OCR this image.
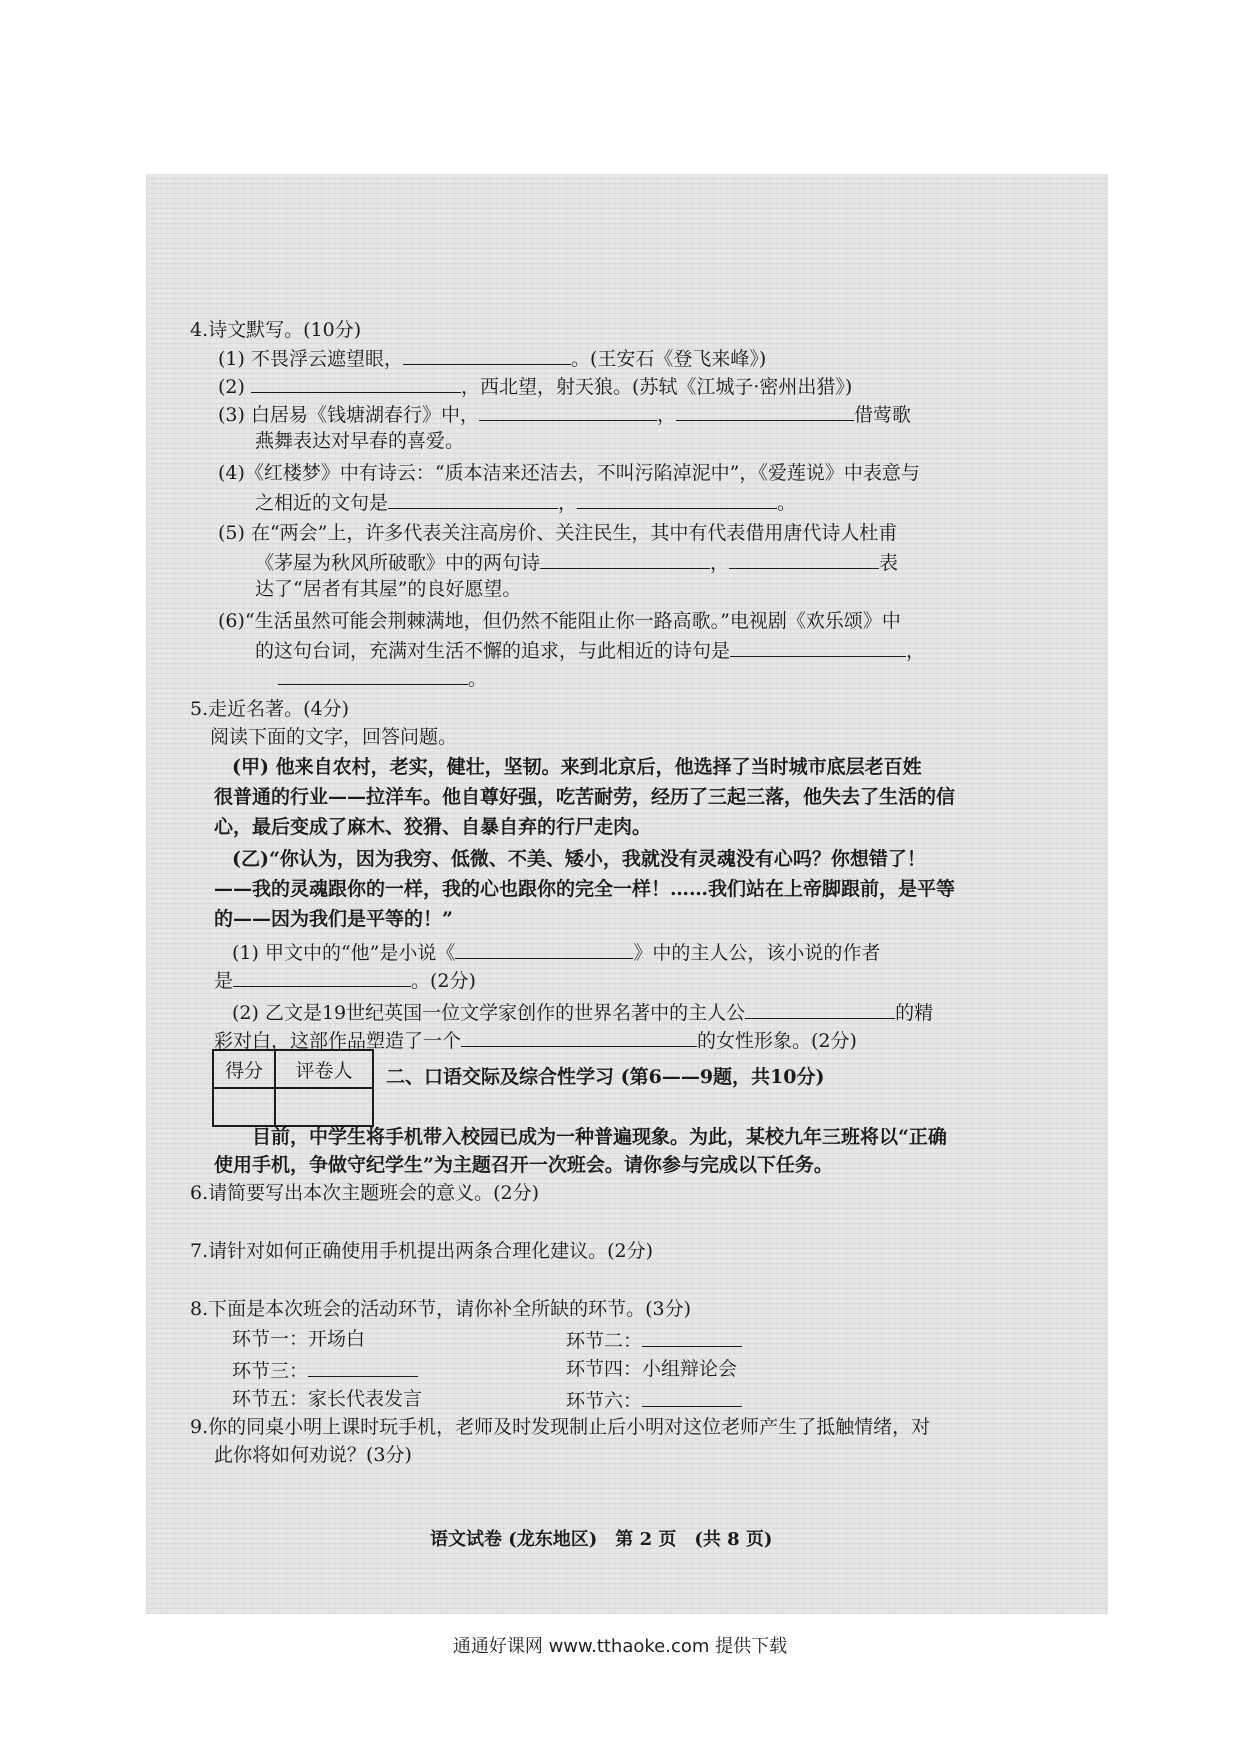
4.诗文默写。(10分)
(1) 不畏浮云遮望眼，	。(王安石《登飞来峰》)
(2)	，西北望，射天狼。(苏轼《江城子·密州出猎》)
(3) 白居易《钱塘湖春行》中，	，	借莺歌
燕舞表达对早春的喜爱。
(4)《红楼梦》中有诗云：“质本洁来还洁去，不叫污陷淖泥中”，《爱莲说》中表意与
之相近的文句是	，	。
(5) 在“两会”上，许多代表关注高房价、关注民生，其中有代表借用唐代诗人杜甫
《茅屋为秋风所破歌》中的两句诗	，	表
达了“居者有其屋”的良好愿望。
(6)“生活虽然可能会荆棘满地，但仍然不能阻止你一路高歌。”电视剧《欢乐颂》中
的这句台词，充满对生活不懈的追求，与此相近的诗句是	，
。
5.走近名著。(4分)
阅读下面的文字，回答问题。
(甲) 他来自农村，老实，健壮，坚韧。来到北京后，他选择了当时城市底层老百姓
很普通的行业——拉洋车。他自尊好强，吃苦耐劳，经历了三起三落，他失去了生活的信
心，最后变成了麻木、狡猾、自暴自弃的行尸走肉。
(乙)“你认为，因为我穷、低微、不美、矮小，我就没有灵魂没有心吗？你想错了！
——我的灵魂跟你的一样，我的心也跟你的完全一样！……我们站在上帝脚跟前，是平等
的——因为我们是平等的！”
(1) 甲文中的“他”是小说《	》中的主人公，该小说的作者
是	。(2分)
(2) 乙文是19世纪英国一位文学家创作的世界名著中的主人公	的精
彩对白，这部作品塑造了一个	的女性形象。(2分)
得分	评卷人
	二、口语交际及综合性学习 (第6——9题，共10分)
目前，中学生将手机带入校园已成为一种普遍现象。为此，某校九年三班将以“正确
使用手机，争做守纪学生”为主题召开一次班会。请你参与完成以下任务。
6.请简要写出本次主题班会的意义。(2分)
7.请针对如何正确使用手机提出两条合理化建议。(2分)
8.下面是本次班会的活动环节，请你补全所缺的环节。(3分)
环节一：开场白	环节二：
环节三：	环节四：小组辩论会
环节五：家长代表发言	环节六：
9.你的同桌小明上课时玩手机，老师及时发现制止后小明对这位老师产生了抵触情绪，对
此你将如何劝说？(3分)
语文试卷 (龙东地区)　第 2 页　(共 8 页)
通通好课网 www.tthaoke.com 提供下载
